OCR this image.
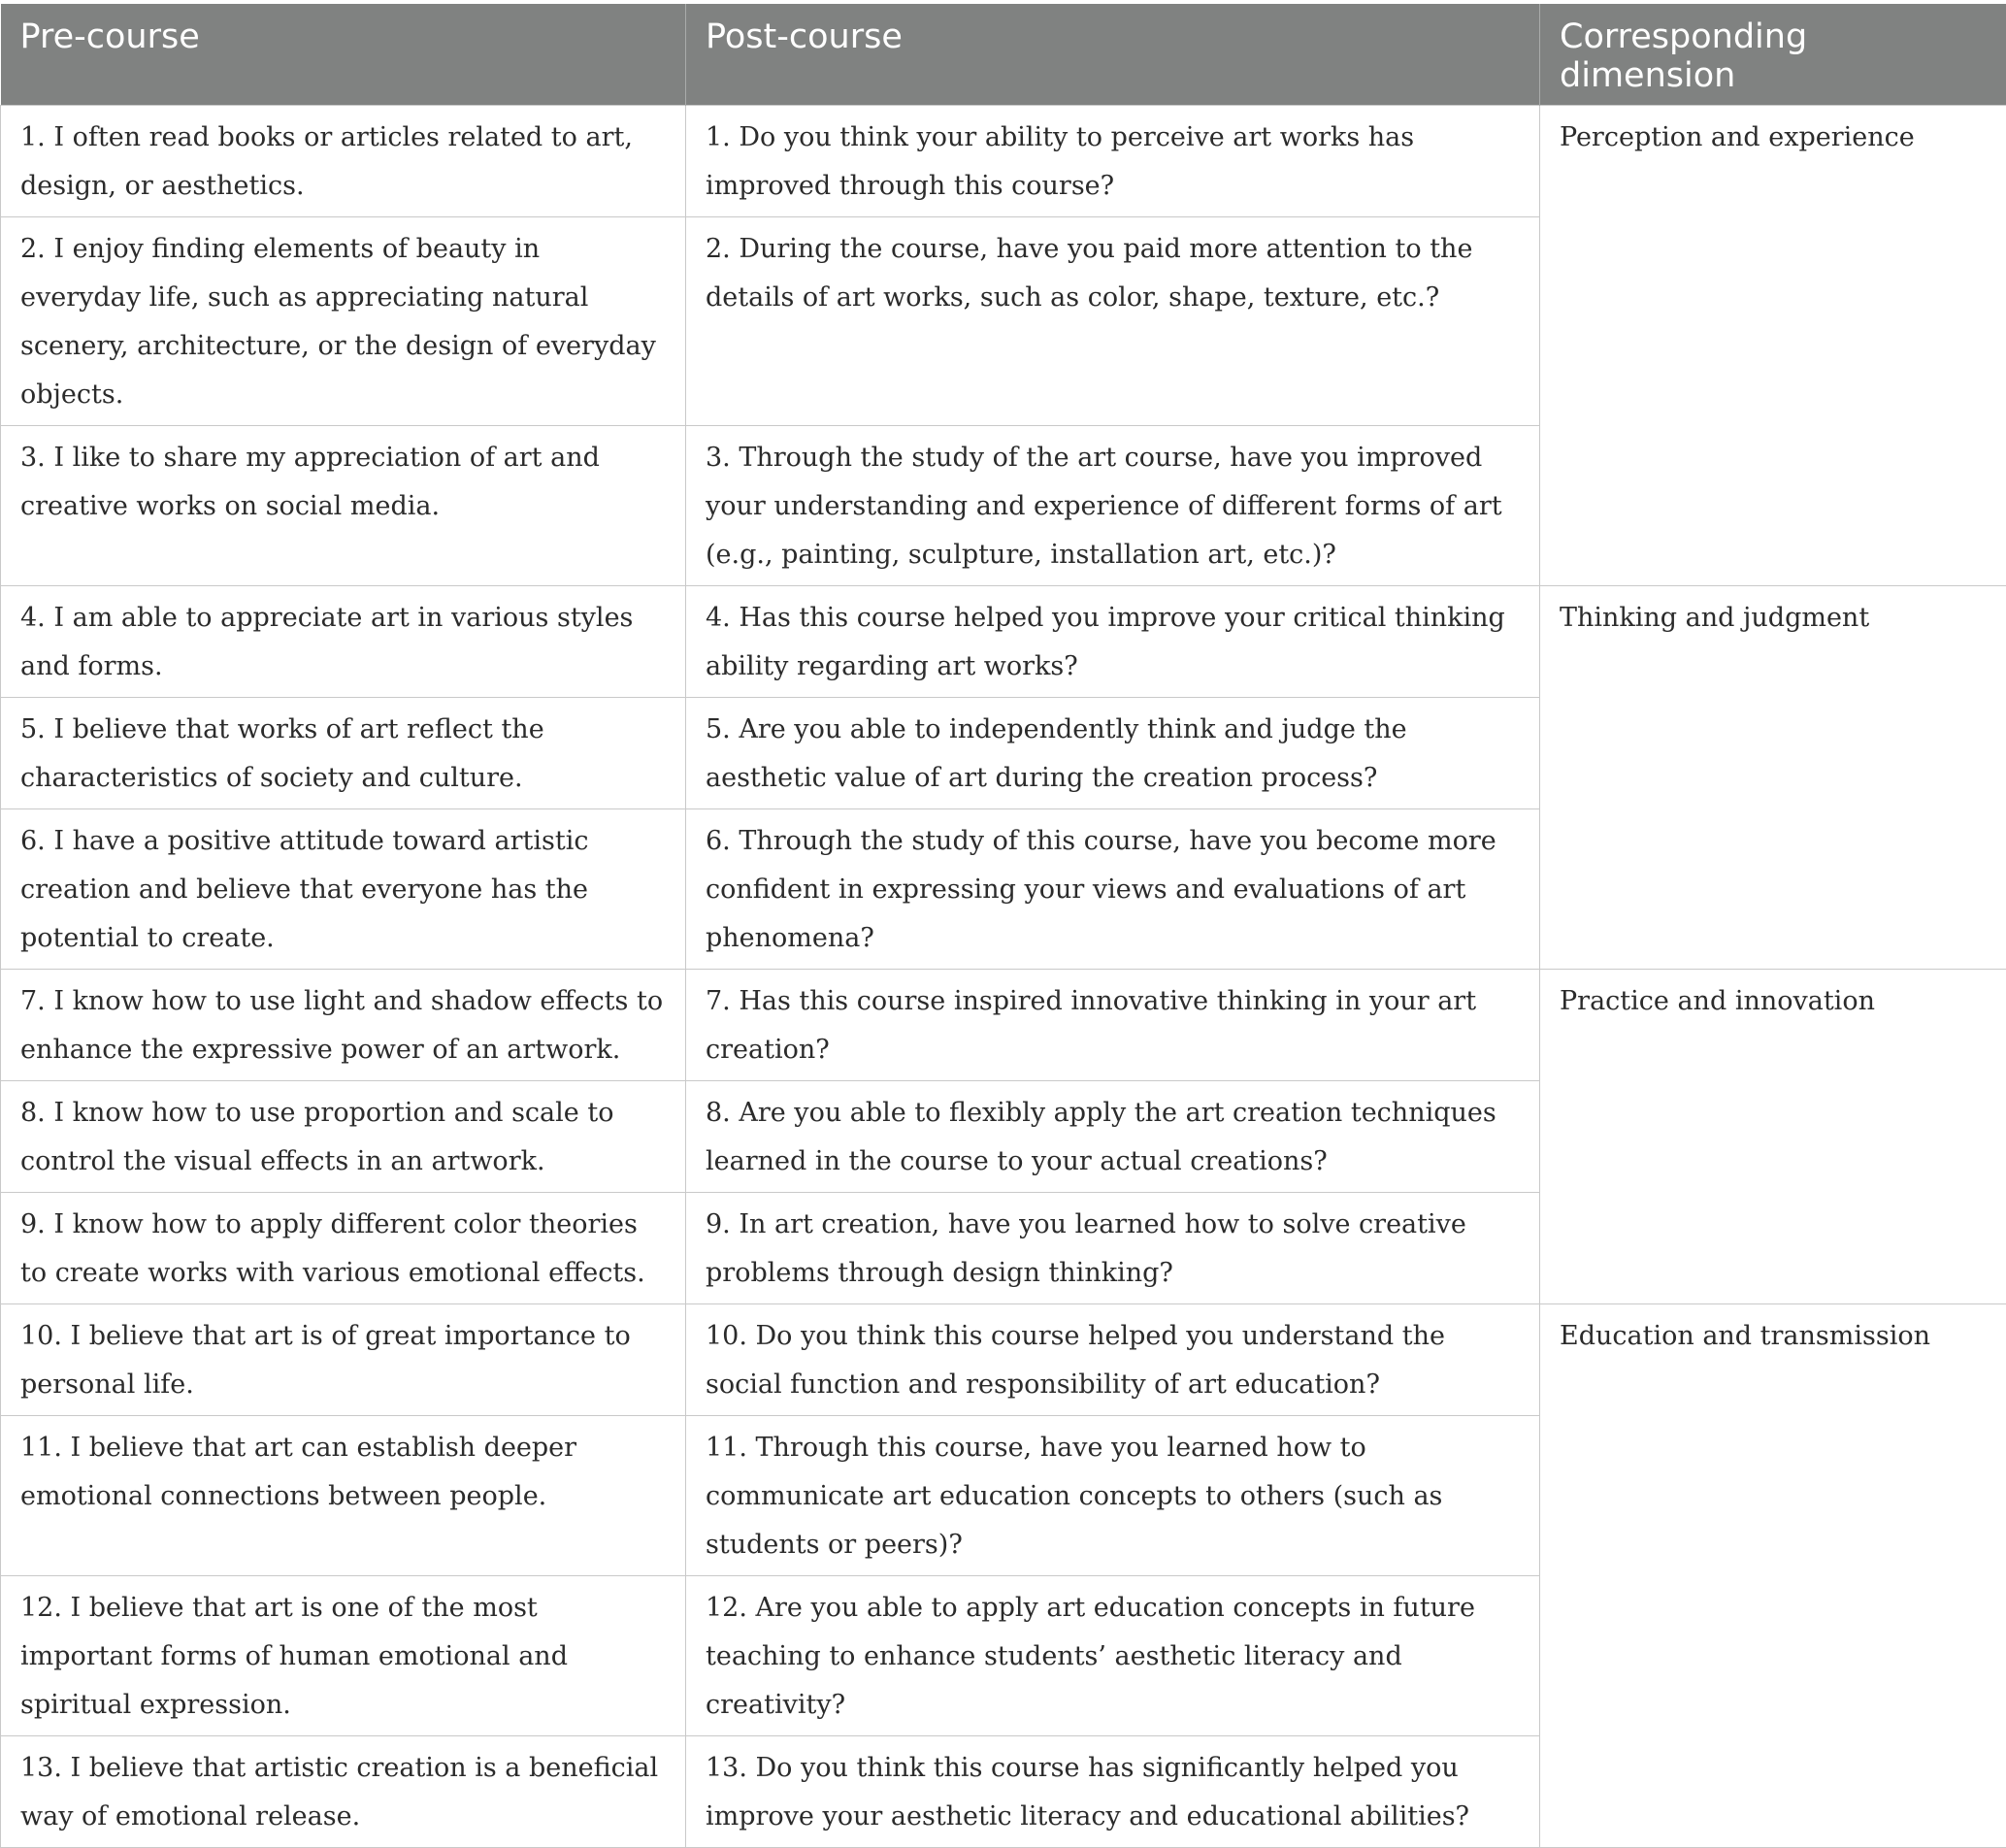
Pre-course	Post-course	Corresponding dimension
1. I often read books or articles related to art, design, or aesthetics.	1. Do you think your ability to perceive art works has improved through this course?	Perception and experience
2. I enjoy finding elements of beauty in everyday life, such as appreciating natural scenery, architecture, or the design of everyday objects.	2. During the course, have you paid more attention to the details of art works, such as color, shape, texture, etc.?	
3. I like to share my appreciation of art and creative works on social media.	3. Through the study of the art course, have you improved your understanding and experience of different forms of art (e.g., painting, sculpture, installation art, etc.)?	
4. I am able to appreciate art in various styles and forms.	4. Has this course helped you improve your critical thinking ability regarding art works?	Thinking and judgment
5. I believe that works of art reflect the characteristics of society and culture.	5. Are you able to independently think and judge the aesthetic value of art during the creation process?	
6. I have a positive attitude toward artistic creation and believe that everyone has the potential to create.	6. Through the study of this course, have you become more confident in expressing your views and evaluations of art phenomena?	
7. I know how to use light and shadow effects to enhance the expressive power of an artwork.	7. Has this course inspired innovative thinking in your art creation?	Practice and innovation
8. I know how to use proportion and scale to control the visual effects in an artwork.	8. Are you able to flexibly apply the art creation techniques learned in the course to your actual creations?	
9. I know how to apply different color theories to create works with various emotional effects.	9. In art creation, have you learned how to solve creative problems through design thinking?	
10. I believe that art is of great importance to personal life.	10. Do you think this course helped you understand the social function and responsibility of art education?	Education and transmission
11. I believe that art can establish deeper emotional connections between people.	11. Through this course, have you learned how to communicate art education concepts to others (such as students or peers)?	
12. I believe that art is one of the most important forms of human emotional and spiritual expression.	12. Are you able to apply art education concepts in future teaching to enhance students’ aesthetic literacy and creativity?	
13. I believe that artistic creation is a beneficial way of emotional release.	13. Do you think this course has significantly helped you improve your aesthetic literacy and educational abilities?	
